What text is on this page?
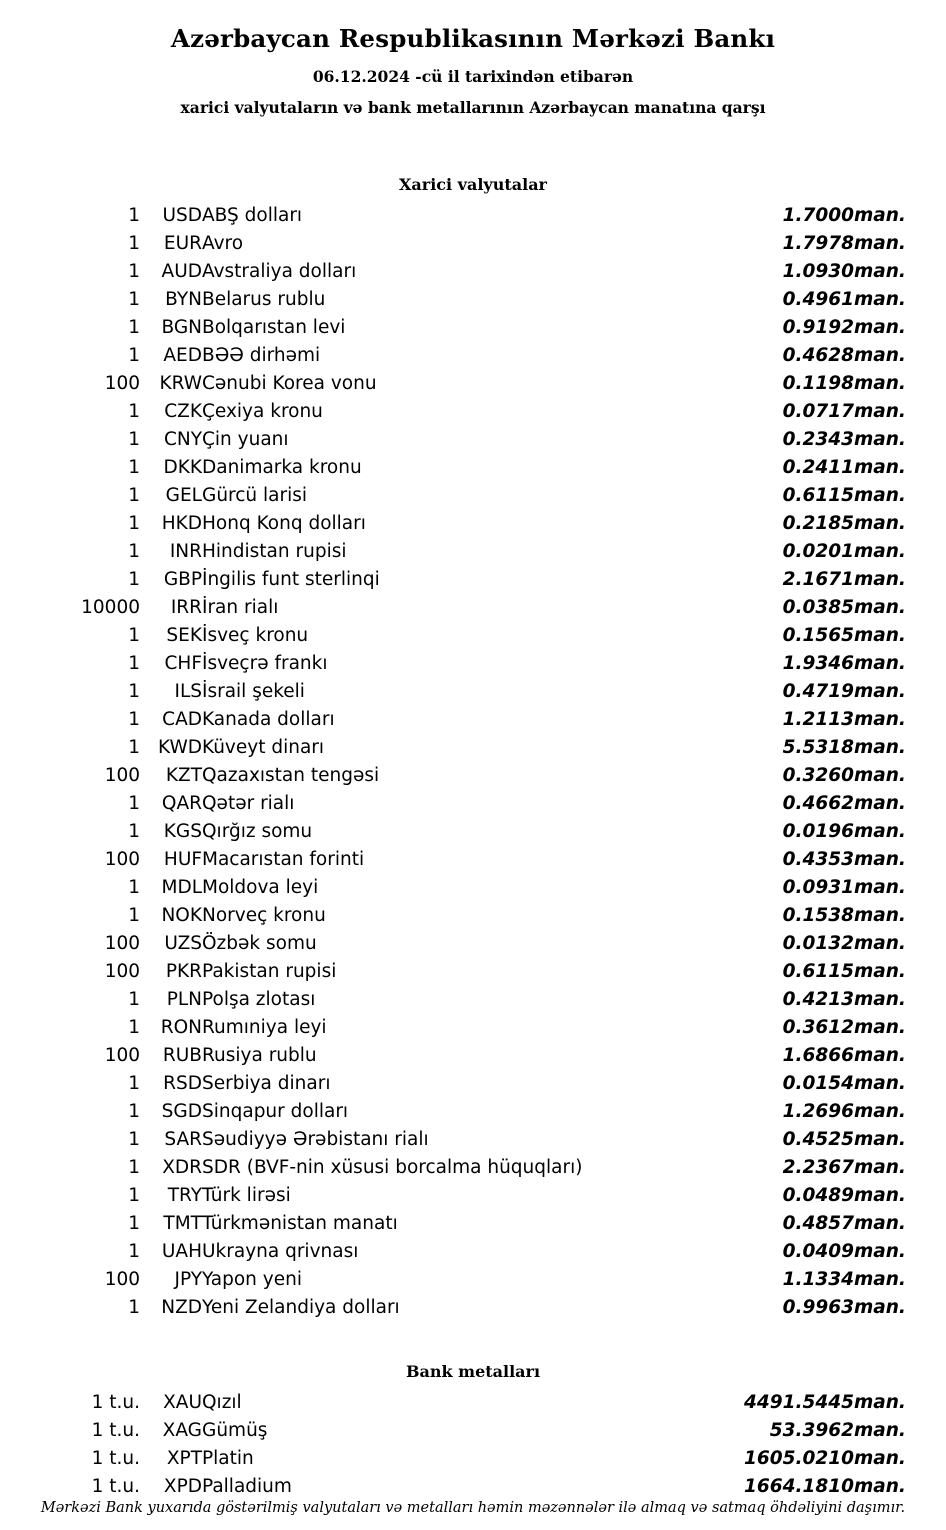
Azərbaycan Respublikasının Mərkəzi Bankı
06.12.2024 -cü il tarixindən etibarən
xarici valyutaların və bank metallarının Azərbaycan manatına qarşı
Xarici valyutalar
1	USD	ABŞ dolları	1.7000	man.
1	EUR	Avro	1.7978	man.
1	AUD	Avstraliya dolları	1.0930	man.
1	BYN	Belarus rublu	0.4961	man.
1	BGN	Bolqarıstan levi	0.9192	man.
1	AED	BƏƏ dirhəmi	0.4628	man.
100	KRW	Cənubi Korea vonu	0.1198	man.
1	CZK	Çexiya kronu	0.0717	man.
1	CNY	Çin yuanı	0.2343	man.
1	DKK	Danimarka kronu	0.2411	man.
1	GEL	Gürcü larisi	0.6115	man.
1	HKD	Honq Konq dolları	0.2185	man.
1	INR	Hindistan rupisi	0.0201	man.
1	GBP	İngilis funt sterlinqi	2.1671	man.
10000	IRR	İran rialı	0.0385	man.
1	SEK	İsveç kronu	0.1565	man.
1	CHF	İsveçrə frankı	1.9346	man.
1	ILS	İsrail şekeli	0.4719	man.
1	CAD	Kanada dolları	1.2113	man.
1	KWD	Küveyt dinarı	5.5318	man.
100	KZT	Qazaxıstan tengəsi	0.3260	man.
1	QAR	Qətər rialı	0.4662	man.
1	KGS	Qırğız somu	0.0196	man.
100	HUF	Macarıstan forinti	0.4353	man.
1	MDL	Moldova leyi	0.0931	man.
1	NOK	Norveç kronu	0.1538	man.
100	UZS	Özbək somu	0.0132	man.
100	PKR	Pakistan rupisi	0.6115	man.
1	PLN	Polşa zlotası	0.4213	man.
1	RON	Rumıniya leyi	0.3612	man.
100	RUB	Rusiya rublu	1.6866	man.
1	RSD	Serbiya dinarı	0.0154	man.
1	SGD	Sinqapur dolları	1.2696	man.
1	SAR	Səudiyyə Ərəbistanı rialı	0.4525	man.
1	XDR	SDR (BVF-nin xüsusi borcalma hüquqları)	2.2367	man.
1	TRY	Türk lirəsi	0.0489	man.
1	TMT	Türkmənistan manatı	0.4857	man.
1	UAH	Ukrayna qrivnası	0.0409	man.
100	JPY	Yapon yeni	1.1334	man.
1	NZD	Yeni Zelandiya dolları	0.9963	man.
Bank metalları
1 t.u.	XAU	Qızıl	4491.5445	man.
1 t.u.	XAG	Gümüş	53.3962	man.
1 t.u.	XPT	Platin	1605.0210	man.
1 t.u.	XPD	Palladium	1664.1810	man.
Mərkəzi Bank yuxarıda göstərilmiş valyutaları və metalları həmin məzənnələr ilə almaq və satmaq öhdəliyini daşımır.
